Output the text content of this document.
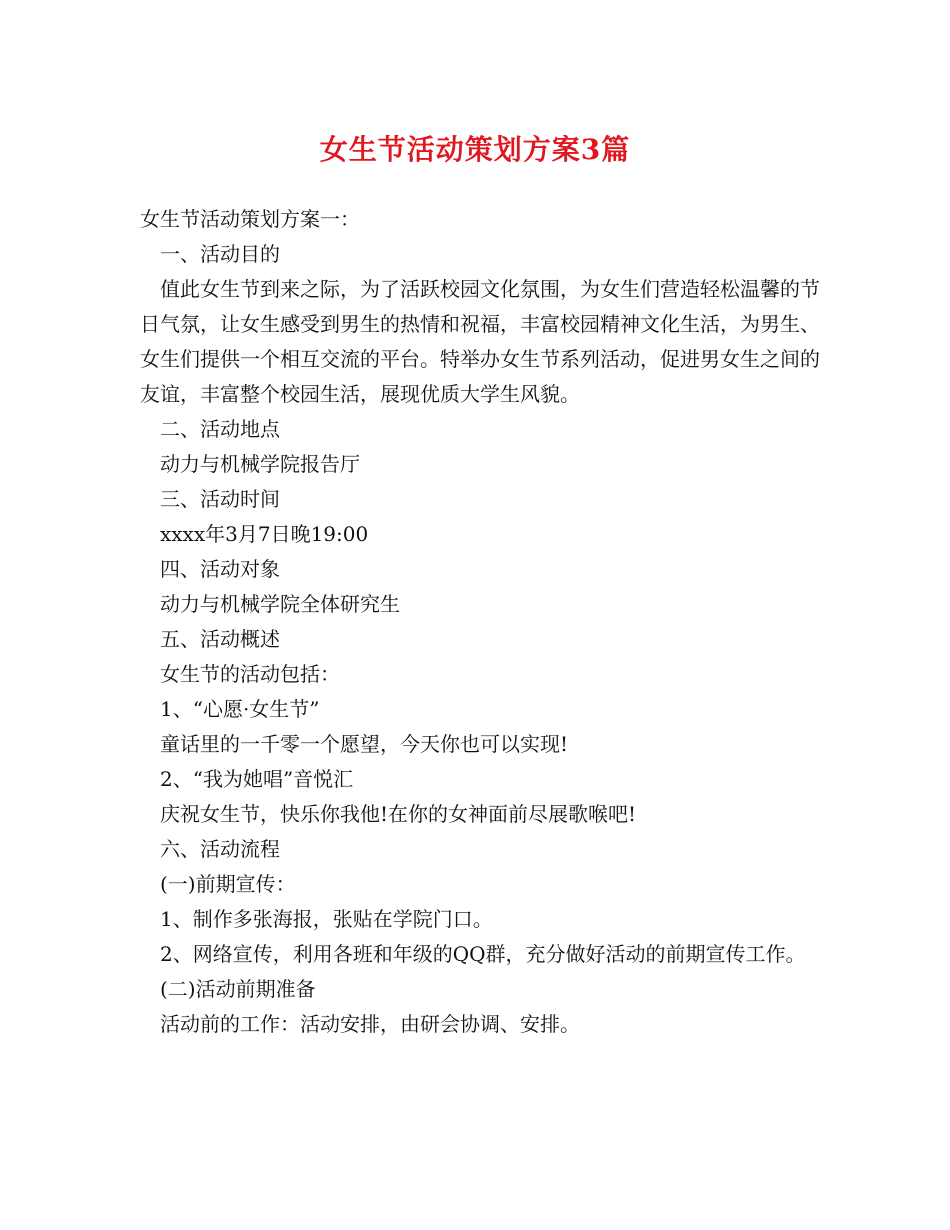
女生节活动策划方案3篇

女生节活动策划方案一：

一、活动目的

值此女生节到来之际，为了活跃校园文化氛围，为女生们营造轻松温馨的节日气氛，让女生感受到男生的热情和祝福，丰富校园精神文化生活，为男生、女生们提供一个相互交流的平台。特举办女生节系列活动，促进男女生之间的友谊，丰富整个校园生活，展现优质大学生风貌。

二、活动地点

动力与机械学院报告厅

三、活动时间

xxxx年3月7日晚19:00

四、活动对象

动力与机械学院全体研究生

五、活动概述

女生节的活动包括：

1、“心愿·女生节”

童话里的一千零一个愿望，今天你也可以实现!

2、“我为她唱”音悦汇

庆祝女生节，快乐你我他!在你的女神面前尽展歌喉吧!

六、活动流程

(一)前期宣传：

1、制作多张海报，张贴在学院门口。

2、网络宣传，利用各班和年级的QQ群，充分做好活动的前期宣传工作。

(二)活动前期准备

活动前的工作：活动安排，由研会协调、安排。
